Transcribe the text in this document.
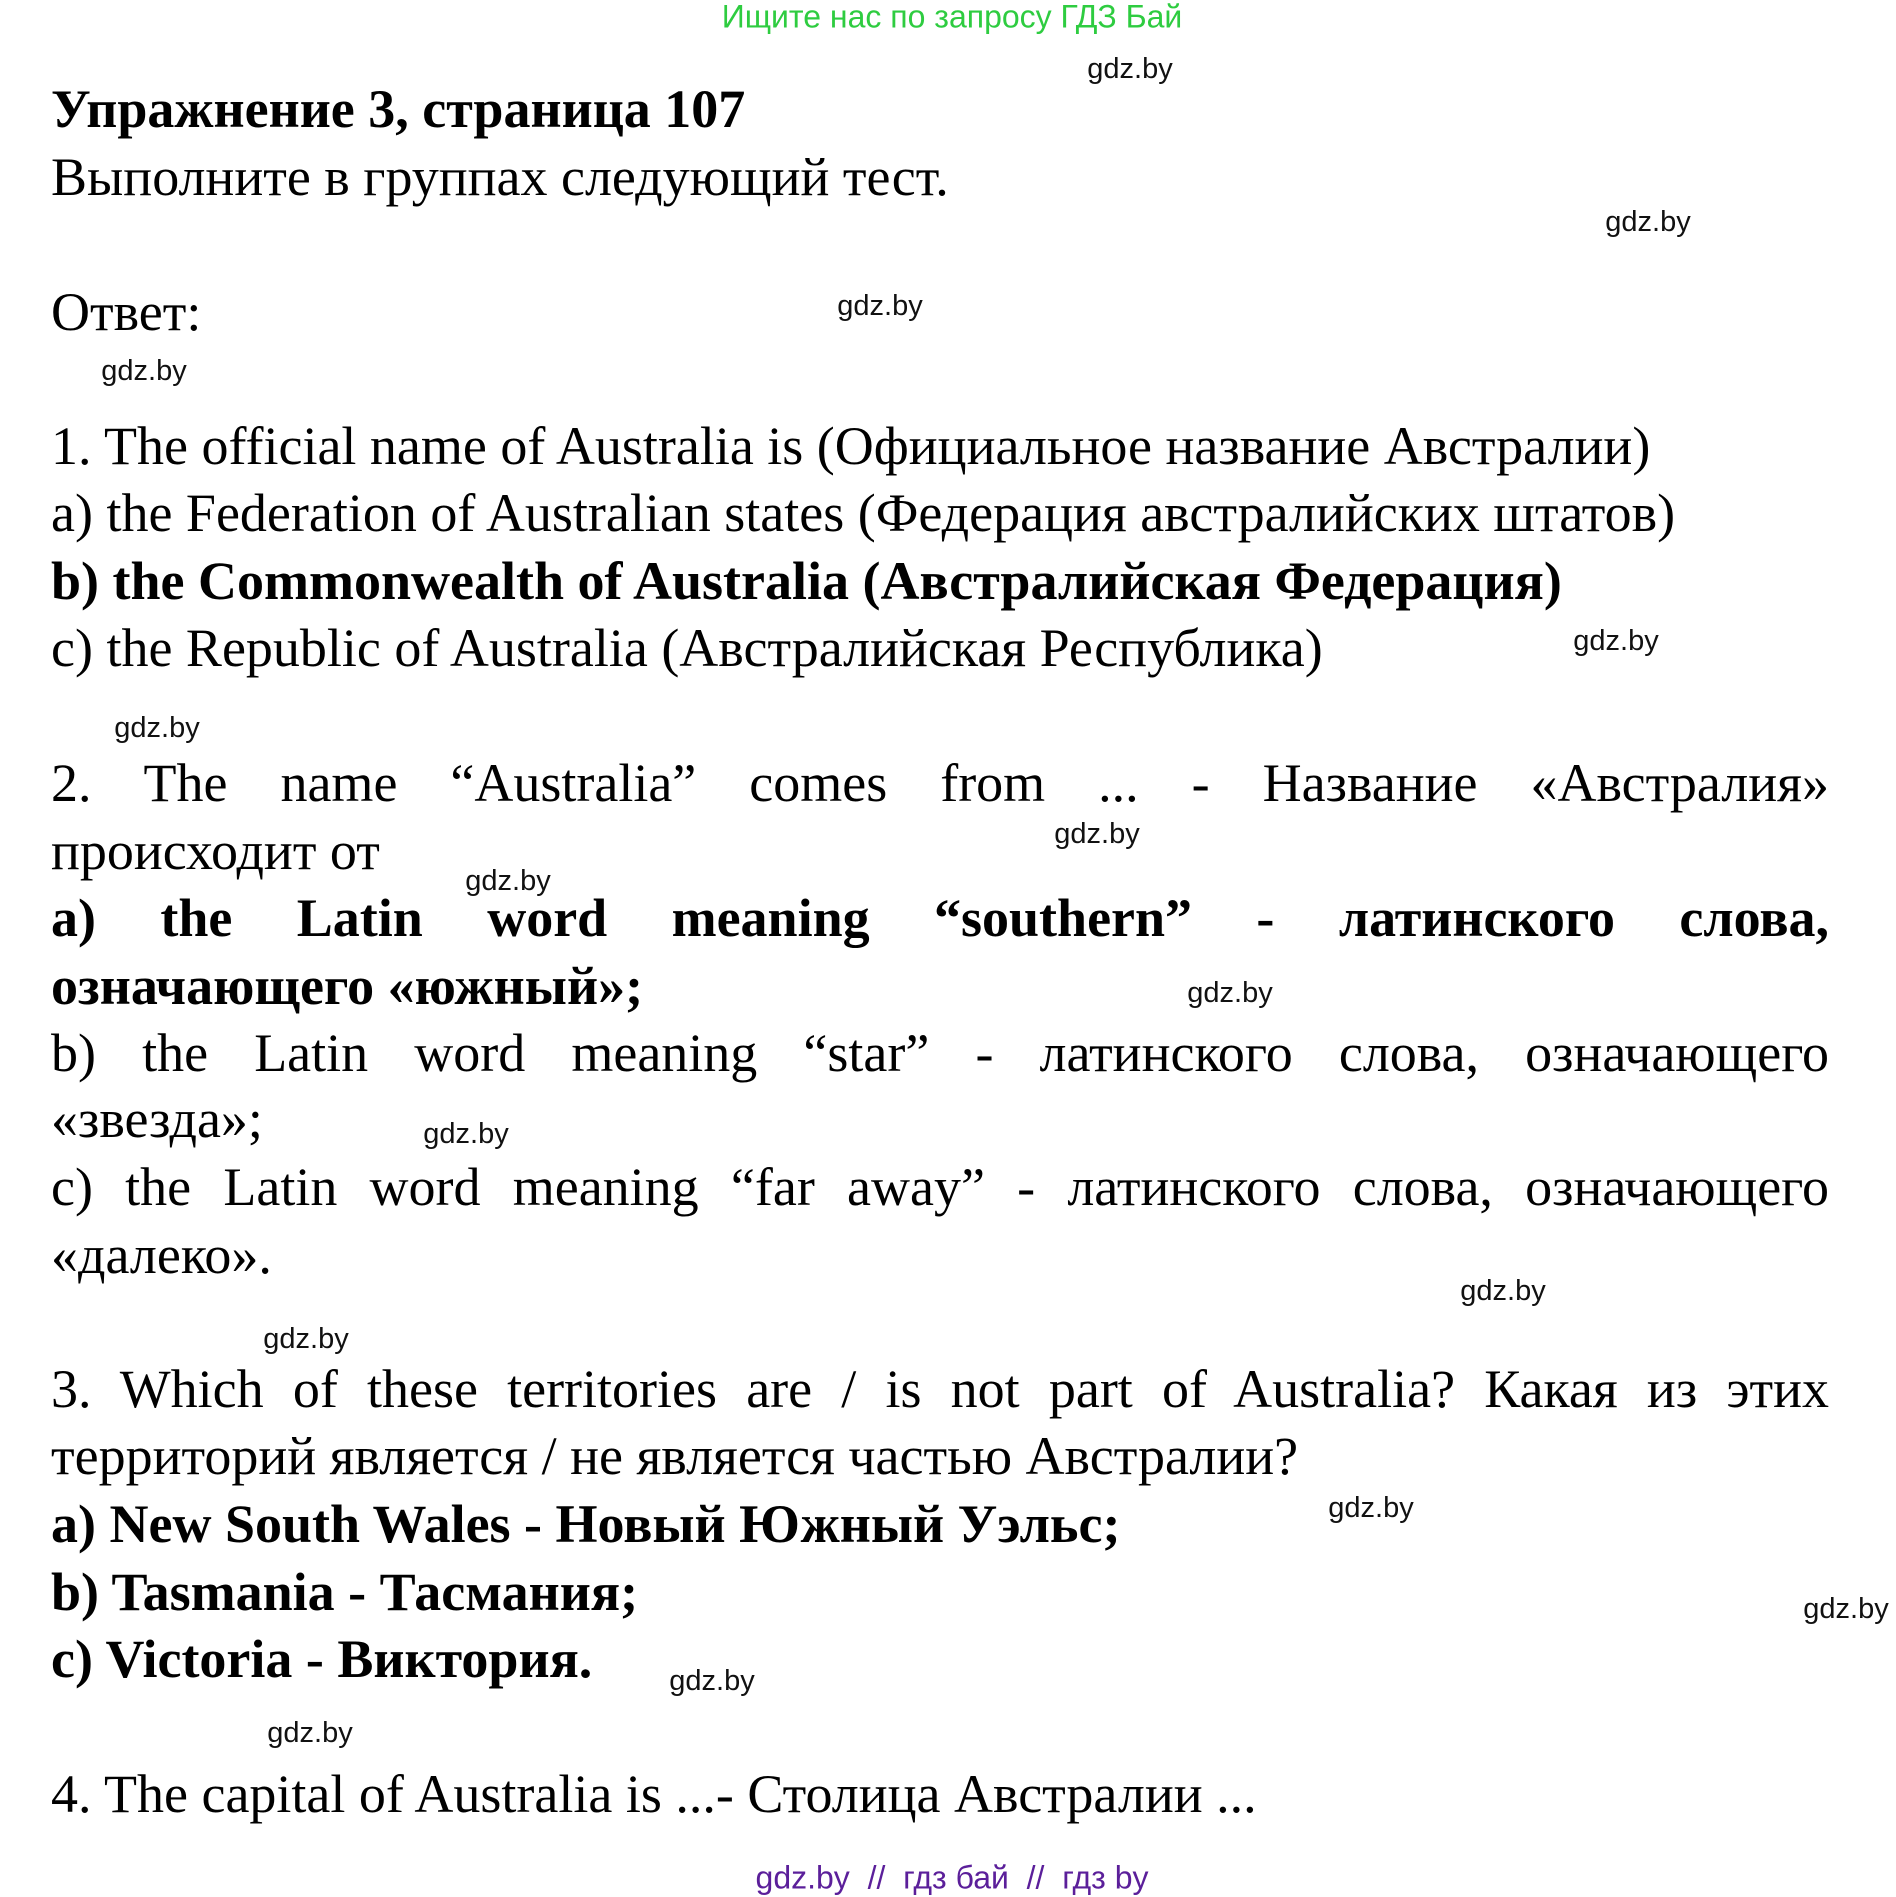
Ищите нас по запросу ГДЗ Бай
Упражнение 3, страница 107
Выполните в группах следующий тест.
Ответ:
1. The official name of Australia is (Официальное название Австралии)
a) the Federation of Australian states (Федерация австралийских штатов)
b) the Commonwealth of Australia (Австралийская Федерация)
c) the Republic of Australia (Австралийская Республика)
2. The name “Australia” comes from ... - Название «Австралия»
происходит от
a) the Latin word meaning “southern” - латинского слова,
означающего «южный»;
b) the Latin word meaning “star” - латинского слова, означающего
«звезда»;
c) the Latin word meaning “far away” - латинского слова, означающего
«далеко».
3. Which of these territories are / is not part of Australia? Какая из этих
территорий является / не является частью Австралии?
a) New South Wales - Новый Южный Уэльс;
b) Tasmania - Тасмания;
c) Victoria - Виктория.
4. The capital of Australia is ...- Столица Австралии ...
gdz.by
gdz.by
gdz.by
gdz.by
gdz.by
gdz.by
gdz.by
gdz.by
gdz.by
gdz.by
gdz.by
gdz.by
gdz.by
gdz.by
gdz.by
gdz.by
gdz.by  //  гдз бай  //  гдз by
